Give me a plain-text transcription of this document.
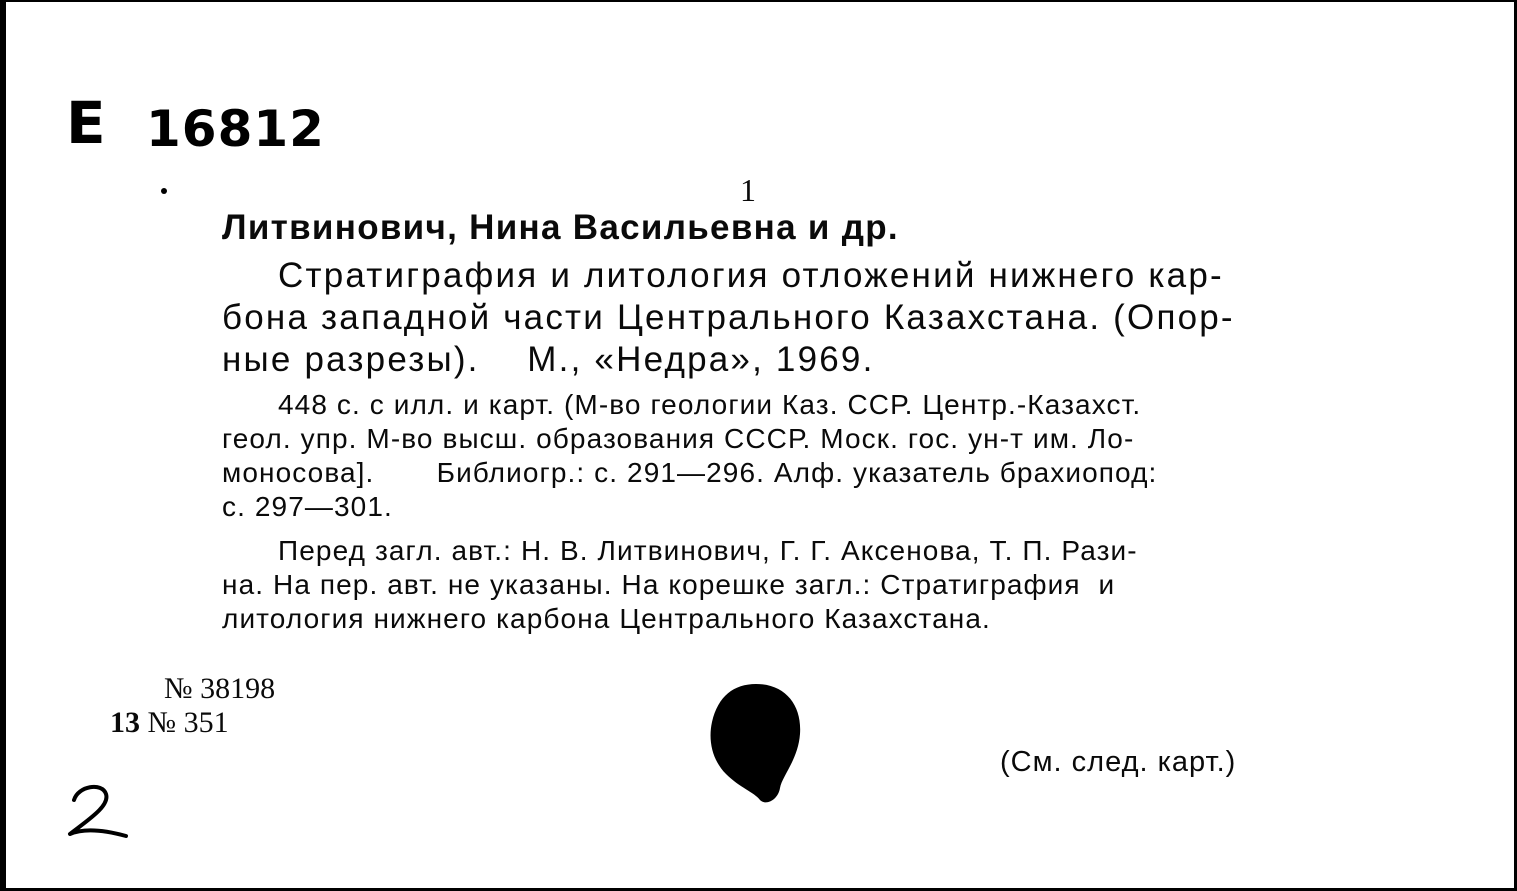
Е 16812
1
Литвинович, Нина Васильевна и др.
Стратиграфия и литология отложений нижнего кар-
бона западной части Центрального Казахстана. (Опор-
ные разрезы).    М., «Недра», 1969.
448 с. с илл. и карт. (М-во геологии Каз. ССР. Центр.-Казахст.
геол. упр. М-во высш. образования СССР. Моск. гос. ун-т им. Ло-
моносова].       Библиогр.: с. 291—296. Алф. указатель брахиопод:
с. 297—301.
Перед загл. авт.: Н. В. Литвинович, Г. Г. Аксенова, Т. П. Рази-
на. На пер. авт. не указаны. На корешке загл.: Стратиграфия  и
литология нижнего карбона Центрального Казахстана.
№ 38198
13 № 351
(См. след. карт.)
